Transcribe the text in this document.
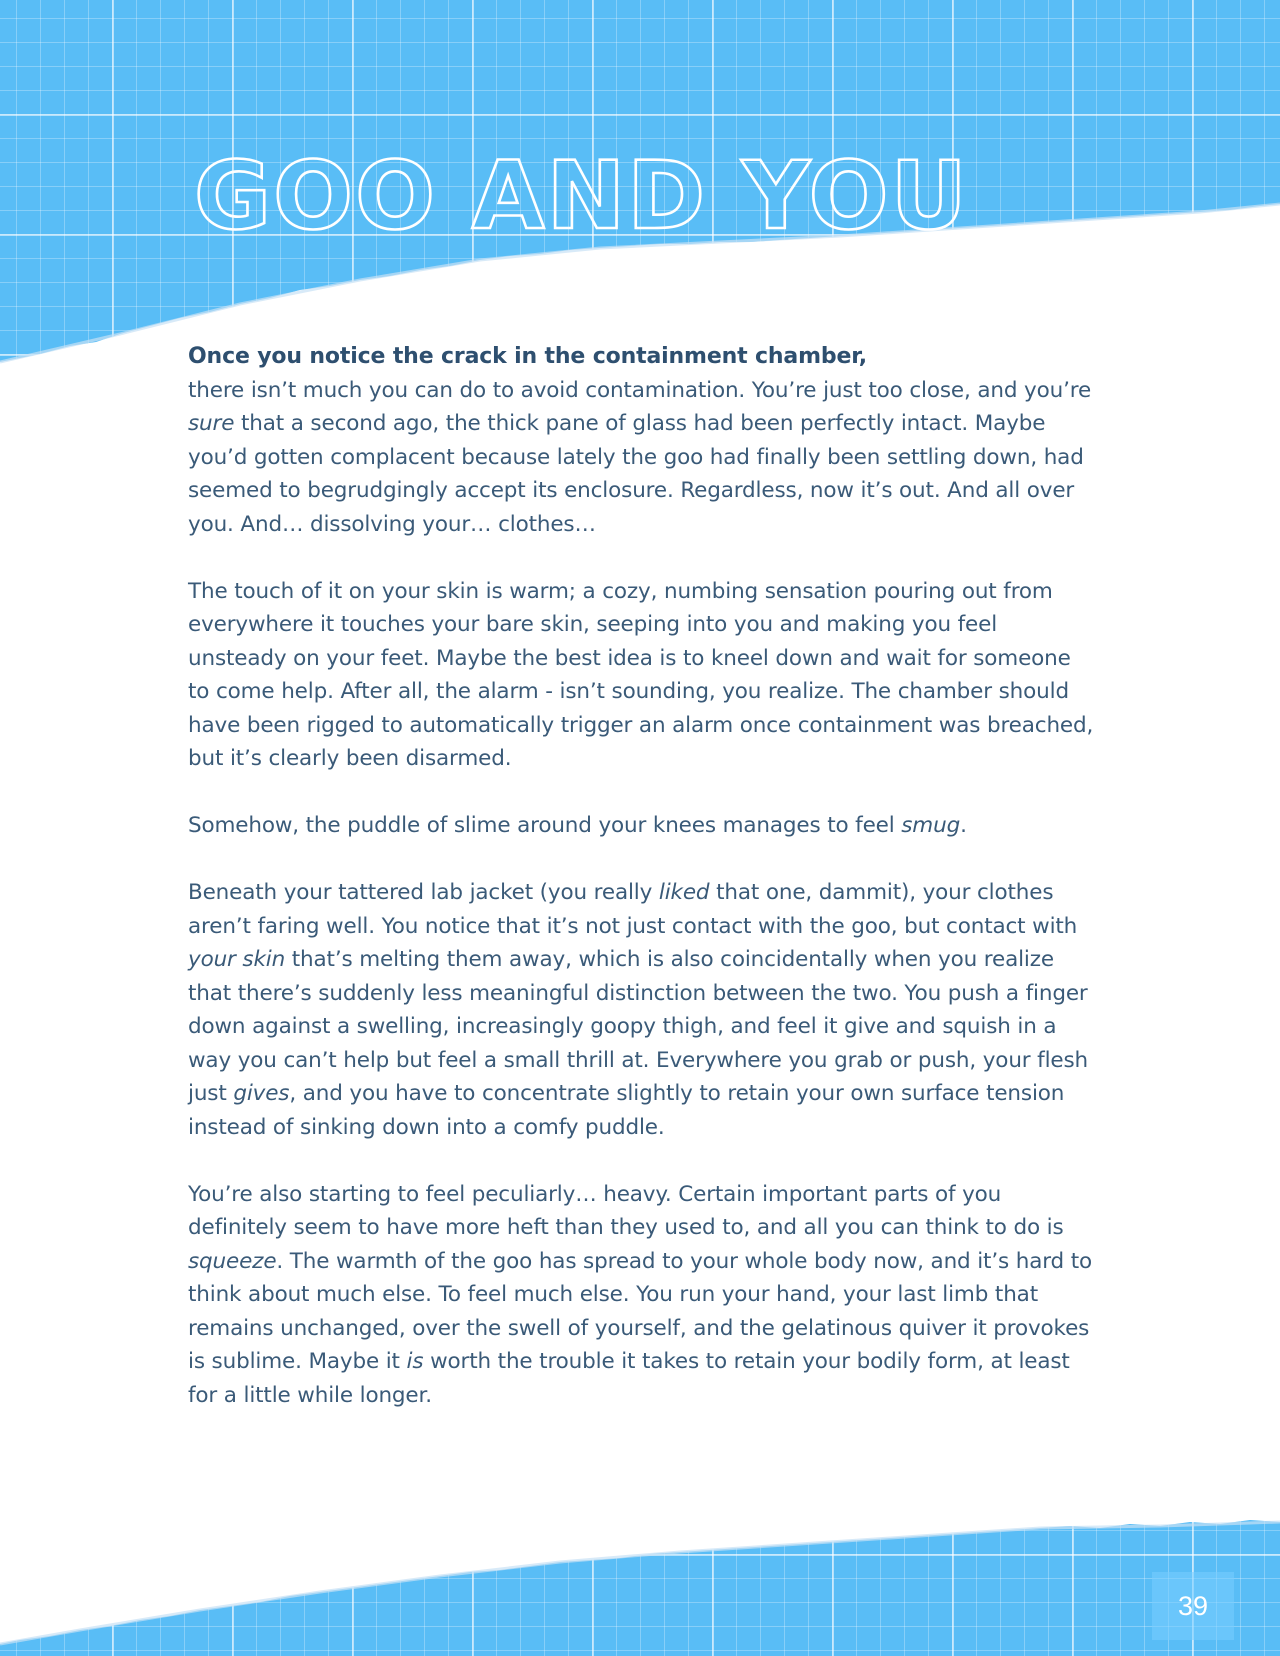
GOO AND YOU

Once you notice the crack in the containment chamber,
there isn’t much you can do to avoid contamination. You’re just too close, and you’re sure that a second ago, the thick pane of glass had been perfectly intact. Maybe you’d gotten complacent because lately the goo had finally been settling down, had seemed to begrudgingly accept its enclosure. Regardless, now it’s out. And all over you. And… dissolving your… clothes…

The touch of it on your skin is warm; a cozy, numbing sensation pouring out from everywhere it touches your bare skin, seeping into you and making you feel unsteady on your feet. Maybe the best idea is to kneel down and wait for someone to come help. After all, the alarm - isn’t sounding, you realize. The chamber should have been rigged to automatically trigger an alarm once containment was breached, but it’s clearly been disarmed.

Somehow, the puddle of slime around your knees manages to feel smug.

Beneath your tattered lab jacket (you really liked that one, dammit), your clothes aren’t faring well. You notice that it’s not just contact with the goo, but contact with your skin that’s melting them away, which is also coincidentally when you realize that there’s suddenly less meaningful distinction between the two. You push a finger down against a swelling, increasingly goopy thigh, and feel it give and squish in a way you can’t help but feel a small thrill at. Everywhere you grab or push, your flesh just gives, and you have to concentrate slightly to retain your own surface tension instead of sinking down into a comfy puddle.

You’re also starting to feel peculiarly… heavy. Certain important parts of you definitely seem to have more heft than they used to, and all you can think to do is squeeze. The warmth of the goo has spread to your whole body now, and it’s hard to think about much else. To feel much else. You run your hand, your last limb that remains unchanged, over the swell of yourself, and the gelatinous quiver it provokes is sublime. Maybe it is worth the trouble it takes to retain your bodily form, at least for a little while longer.

39
